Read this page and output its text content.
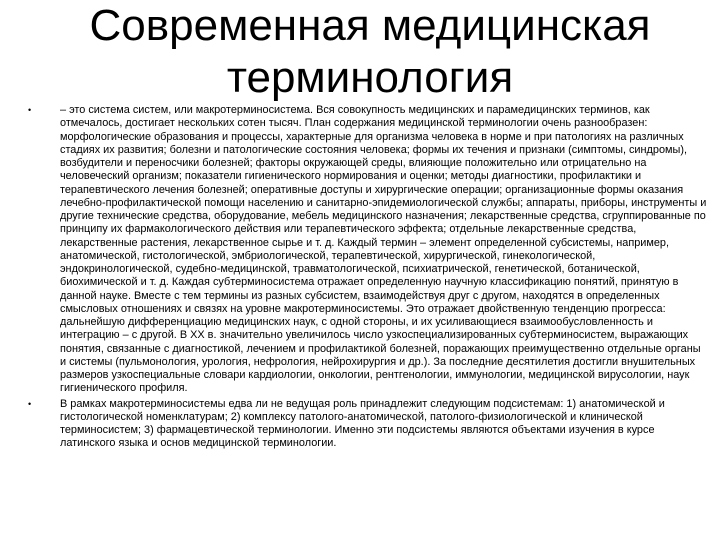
Современная медицинская терминология
•	– это система систем, или макротерминосистема. Вся совокупность медицинских и парамедицинских терминов, как отмечалось, достигает нескольких сотен тысяч. План содержания медицинской терминологии очень разнообразен: морфологические образования и процессы, характерные для организма человека в норме и при патологиях на различных стадиях их развития; болезни и патологические состояния человека; формы их течения и признаки (симптомы, синдромы), возбудители и переносчики болезней; факторы окружающей среды, влияющие положительно или отрицательно на человеческий организм; показатели гигиенического нормирования и оценки; методы диагностики, профилактики и терапевтического лечения болезней; оперативные доступы и хирургические операции; организационные формы оказания лечебно-профилактической помощи населению и санитарно-эпидемиологической службы; аппараты, приборы, инструменты и другие технические средства, оборудование, мебель медицинского назначения; лекарственные средства, сгруппированные по принципу их фармакологического действия или терапевтического эффекта; отдельные лекарственные средства, лекарственные растения, лекарственное сырье и т. д. Каждый термин – элемент определенной субсистемы, например, анатомической, гистологической, эмбриологической, терапевтической, хирургической, гинекологической, эндокринологической, судебно-медицинской, травматологической, психиатрической, генетической, ботанической, биохимической и т. д. Каждая субтерминосистема отражает определенную научную классификацию понятий, принятую в данной науке. Вместе с тем термины из разных субсистем, взаимодействуя друг с другом, находятся в определенных смысловых отношениях и связях на уровне макротерминосистемы. Это отражает двойственную тенденцию прогресса: дальнейшую дифференциацию медицинских наук, с одной стороны, и их усиливающиеся взаимообусловленность и интеграцию – с другой. В XX в. значительно увеличилось число узкоспециализированных субтерминосистем, выражающих понятия, связанные с диагностикой, лечением и профилактикой болезней, поражающих преимущественно отдельные органы и системы (пульмонология, урология, нефрология, нейрохирургия и др.). За последние десятилетия достигли внушительных размеров узкоспециальные словари кардиологии, онкологии, рентгенологии, иммунологии, медицинской вирусологии, наук гигиенического профиля.
•	В рамках макротерминосистемы едва ли не ведущая роль принадлежит следующим подсистемам: 1) анатомической и гистологической номенклатурам; 2) комплексу патолого-анатомической, патолого-физиологической и клинической терминосистем; 3) фармацевтической терминологии. Именно эти подсистемы являются объектами изучения в курсе латинского языка и основ медицинской терминологии.
